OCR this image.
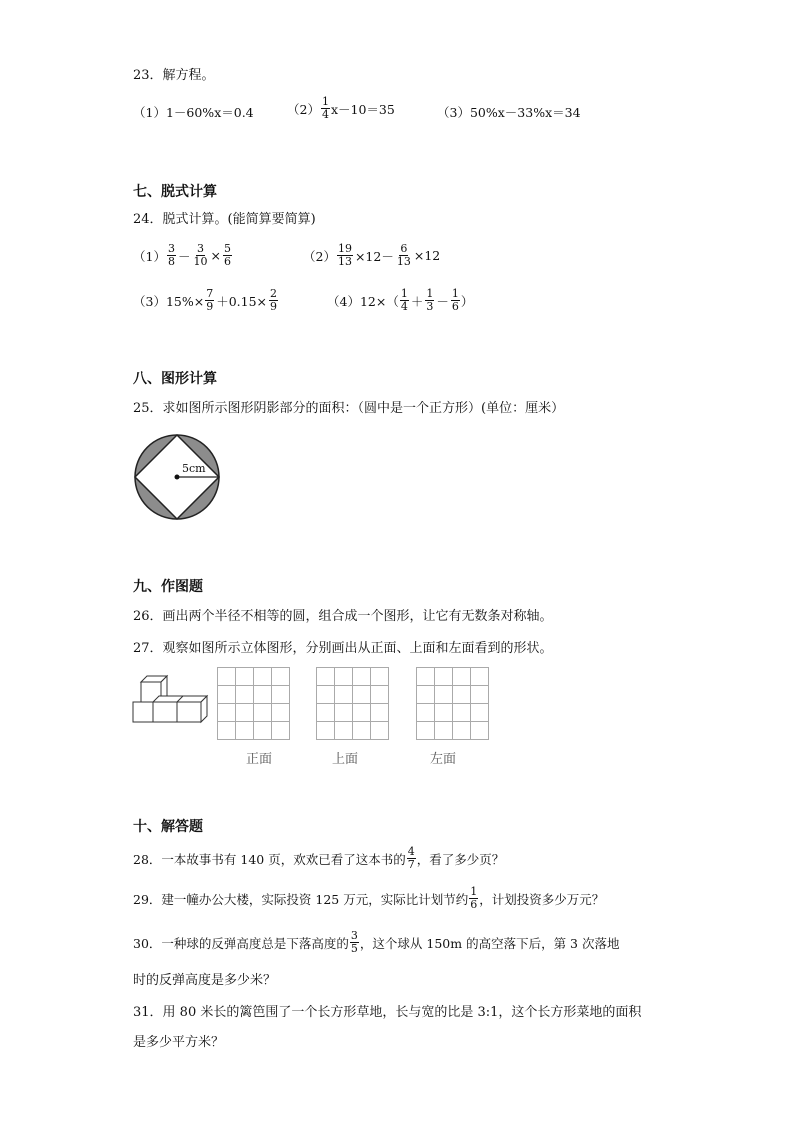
23．解方程。
（1）1－60%x＝0.4	$(2) \frac{1}{4} x-10=35$	（3）50%x－33%x＝34
七、脱式计算
24．脱式计算。(能简算要简算)
$(1) \frac{3}{8} - \frac{3}{10} \times \frac{5}{6}$	$(2) \frac{19}{13} \times 12- \frac{6}{13} \times 12$
$(3)15\%\times \frac{7}{9} +0.15\times \frac{2}{9}$	$(4)12\times( \frac{1}{4} + \frac{1}{3} - \frac{1}{6}$ ）
八、图形计算
25．求如图所示图形阴影部分的面积：（圆中是一个正方形）(单位：厘米）
5cm
九、作图题
26．画出两个半径不相等的圆，组合成一个图形，让它有无数条对称轴。
27．观察如图所示立体图形，分别画出从正面、上面和左面看到的形状。
正面	上面	左面
十、解答题
28．一本故事书有 140 页，欢欢已看了这本书的 $\frac{4}{7}$ ，看了多少页？
29．建一幢办公大楼，实际投资 125 万元，实际比计划节约 $\frac{1}{6}$ ，计划投资多少万元？
30．一种球的反弹高度总是下落高度的 $\frac{3}{5}$ ，这个球从 150m 的高空落下后，第 3 次落地
时的反弹高度是多少米？
31．用 80 米长的篱笆围了一个长方形草地，长与宽的比是 3:1，这个长方形菜地的面积
是多少平方米？
